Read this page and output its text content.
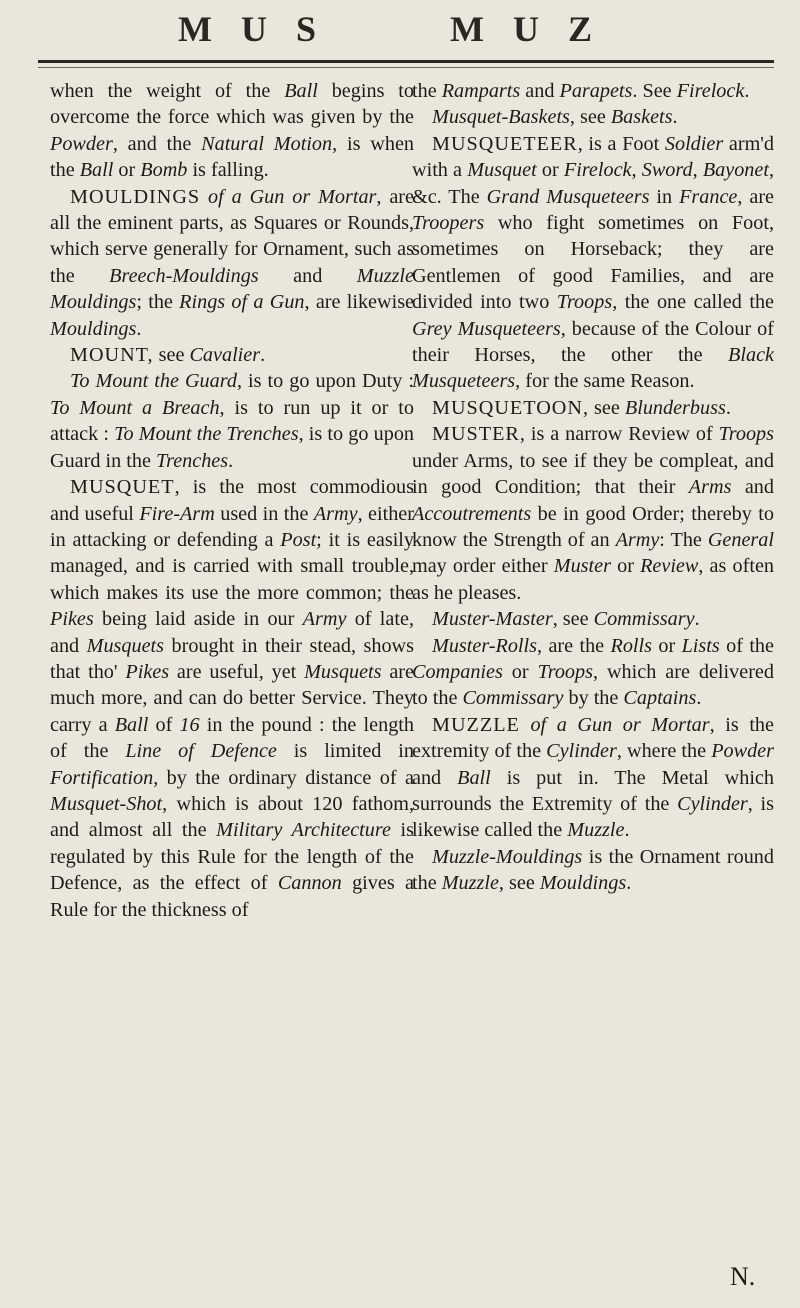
M U S	M U Z

when the weight of the Ball begins to overcome the force which was given by the Powder, and the Natural Motion, is when the Ball or Bomb is falling.

MOULDINGS of a Gun or Mortar, are all the eminent parts, as Squares or Rounds, which serve generally for Ornament, such as the Breech-Mouldings and Muzzle Mouldings; the Rings of a Gun, are likewise Mouldings.

MOUNT, see Cavalier.

To Mount the Guard, is to go upon Duty : To Mount a Breach, is to run up it or to attack : To Mount the Trenches, is to go upon Guard in the Trenches.

MUSQUET, is the most commodious and useful Fire-Arm used in the Army, either in attacking or defending a Post; it is easily managed, and is carried with small trouble, which makes its use the more common; the Pikes being laid aside in our Army of late, and Musquets brought in their stead, shows that tho' Pikes are useful, yet Musquets are much more, and can do better Service. They carry a Ball of 16 in the pound : the length of the Line of Defence is limited in Fortification, by the ordinary distance of a Musquet-Shot, which is about 120 fathom, and almost all the Military Architecture is regulated by this Rule for the length of the Defence, as the effect of Cannon gives a Rule for the thickness of

the Ramparts and Parapets. See Firelock.

Musquet-Baskets, see Baskets.

MUSQUETEER, is a Foot Soldier arm'd with a Musquet or Firelock, Sword, Bayonet, &c. The Grand Musqueteers in France, are Troopers who fight sometimes on Foot, sometimes on Horseback; they are Gentlemen of good Families, and are divided into two Troops, the one called the Grey Musqueteers, because of the Colour of their Horses, the other the Black Musqueteers, for the same Reason.

MUSQUETOON, see Blunderbuss.

MUSTER, is a narrow Review of Troops under Arms, to see if they be compleat, and in good Condition; that their Arms and Accoutrements be in good Order; thereby to know the Strength of an Army: The General may order either Muster or Review, as often as he pleases.

Muster-Master, see Commissary.

Muster-Rolls, are the Rolls or Lists of the Companies or Troops, which are delivered to the Commissary by the Captains.

MUZZLE of a Gun or Mortar, is the extremity of the Cylinder, where the Powder and Ball is put in. The Metal which surrounds the Extremity of the Cylinder, is likewise called the Muzzle.

Muzzle-Mouldings is the Ornament round the Muzzle, see Mouldings.

N.
